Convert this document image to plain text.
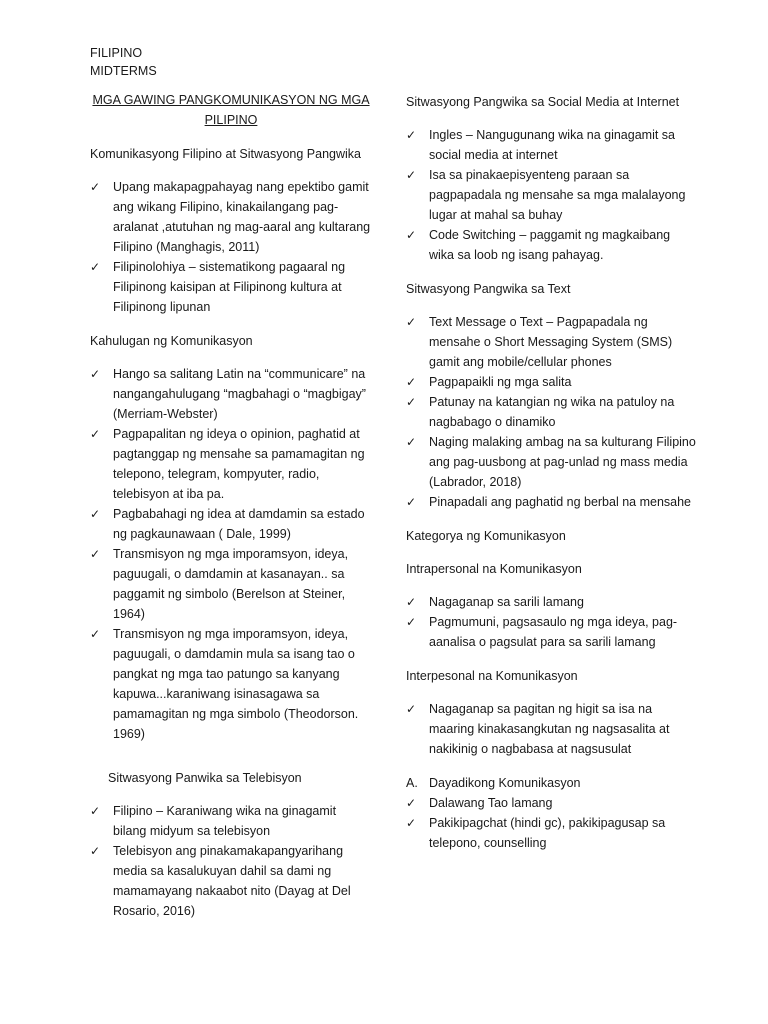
FILIPINO
MIDTERMS
MGA GAWING PANGKOMUNIKASYON NG MGA
PILIPINO
Komunikasyong Filipino at Sitwasyong Pangwika
✓ Upang makapagpahayag nang epektibo gamit ang wikang Filipino, kinakailangang pag-aralanat ,atutuhan ng mag-aaral ang kultarang Filipino (Manghagis, 2011)
✓ Filipinolohiya – sistematikong pagaaral ng Filipinong kaisipan at Filipinong kultura at Filipinong lipunan
Kahulugan ng Komunikasyon
✓ Hango sa salitang Latin na “communicare” na nangangahulugang “magbahagi o “magbigay” (Merriam-Webster)
✓ Pagpapalitan ng ideya o opinion, paghatid at pagtanggap ng mensahe sa pamamagitan ng telepono, telegram, kompyuter, radio, telebisyon at iba pa.
✓ Pagbabahagi ng idea at damdamin sa estado ng pagkaunawaan ( Dale, 1999)
✓ Transmisyon ng mga imporamsyon, ideya, paguugali, o damdamin at kasanayan.. sa paggamit ng simbolo (Berelson at Steiner, 1964)
✓ Transmisyon ng mga imporamsyon, ideya, paguugali, o damdamin mula sa isang tao o pangkat ng mga tao patungo sa kanyang kapuwa...karaniwang isinasagawa sa pamamagitan ng mga simbolo (Theodorson. 1969)
Sitwasyong Panwika sa Telebisyon
✓ Filipino – Karaniwang wika na ginagamit bilang midyum sa telebisyon
✓ Telebisyon ang pinakamakapangyarihang media sa kasalukuyan dahil sa dami ng mamamayang nakaabot nito (Dayag at Del Rosario, 2016)
Sitwasyong Pangwika sa Social Media at Internet
✓ Ingles – Nangugunang wika na ginagamit sa social media at internet
✓ Isa sa pinakaepisyenteng paraan sa pagpapadala ng mensahe sa mga malalayong lugar at mahal sa buhay
✓ Code Switching – paggamit ng magkaibang wika sa loob ng isang pahayag.
Sitwasyong Pangwika sa Text
✓ Text Message o Text – Pagpapadala ng mensahe o Short Messaging System (SMS) gamit ang mobile/cellular phones
✓ Pagpapaikli ng mga salita
✓ Patunay na katangian ng wika na patuloy na nagbabago o dinamiko
✓ Naging malaking ambag na sa kulturang Filipino ang pag-uusbong at pag-unlad ng mass media (Labrador, 2018)
✓ Pinapadali ang paghatid ng berbal na mensahe
Kategorya ng Komunikasyon
Intrapersonal na Komunikasyon
✓ Nagaganap sa sarili lamang
✓ Pagmumuni, pagsasaulo ng mga ideya, pag-aanalisa o pagsulat para sa sarili lamang
Interpesonal na Komunikasyon
✓ Nagaganap sa pagitan ng higit sa isa na maaring kinakasangkutan ng nagsasalita at nakikinig o nagbabasa at nagsusulat
A. Dayadikong Komunikasyon
✓ Dalawang Tao lamang
✓ Pakikipagchat (hindi gc), pakikipagusap sa telepono, counselling
